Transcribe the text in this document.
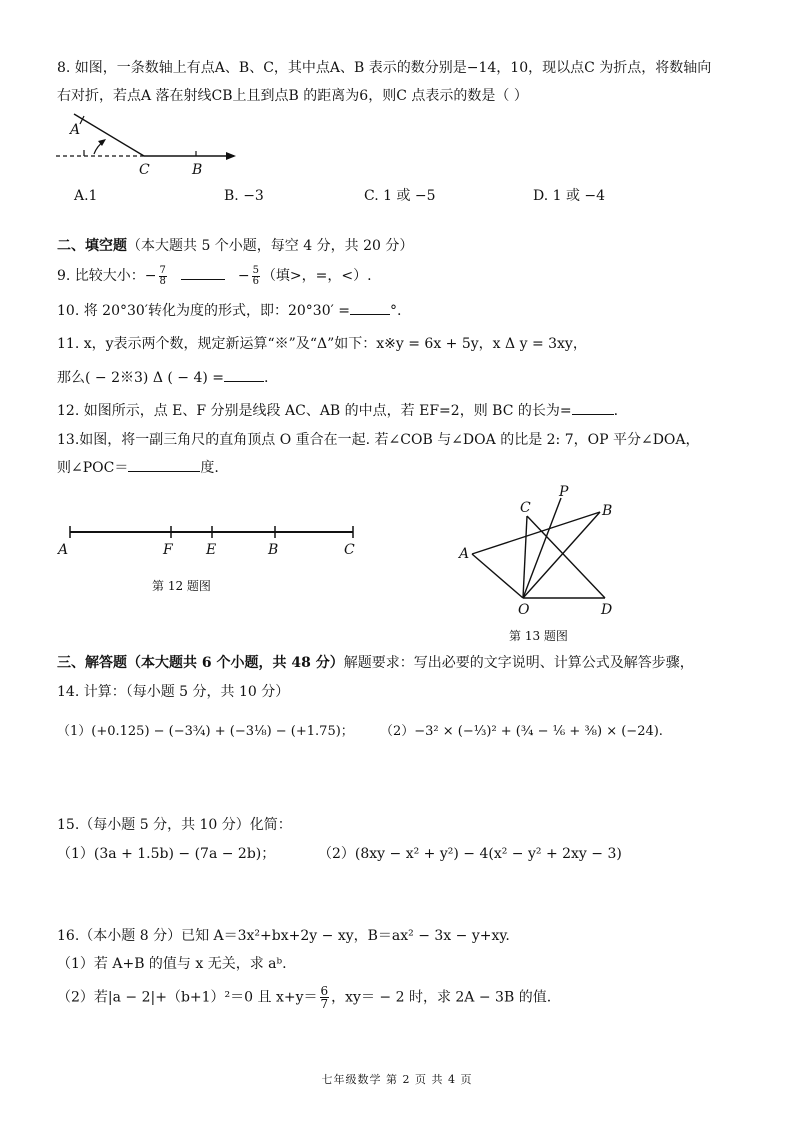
8. 如图，一条数轴上有点A、B、C，其中点A、B 表示的数分别是−14，10，现以点C 为折点，将数轴向
右对折，若点A 落在射线CB上且到点B 的距离为6，则C 点表示的数是（ ）
A
C	B
A.1	B. −3	C. 1 或 −5	D. 1 或 −4
二、填空题（本大题共 5 个小题，每空 4 分，共 20 分）
9. 比较大小：− $\frac{7}{8}$	− $\frac{5}{6}$ （填>，=，<）.
10. 将 20°30′转化为度的形式，即：20°30′ =	°.
11. x，y表示两个数，规定新运算“※”及“Δ”如下：x※y = 6x + 5y，x Δ y = 3xy，
那么( − 2※3) Δ ( − 4) =	.
12. 如图所示，点 E、F 分别是线段 AC、AB 的中点，若 EF=2，则 BC 的长为=	.
13.如图，将一副三角尺的直角顶点 O 重合在一起. 若∠COB 与∠DOA 的比是 2: 7，OP 平分∠DOA，
则∠POC＝	度.
A	F E	B	C
第 12 题图
P
C	B
A
O	D
第 13 题图
三、解答题（本大题共 6 个小题，共 48 分）解题要求：写出必要的文字说明、计算公式及解答步骤，
14. 计算：（每小题 5 分，共 10 分）
（1）(+0.125) − (−3¾) + (−3⅛) − (+1.75)； （2）−3² × (−⅓)² + (¾ − ⅙ + ⅜) × (−24).
15.（每小题 5 分，共 10 分）化简：
（1）(3a + 1.5b) − (7a − 2b)；	（2）(8xy − x² + y²) − 4(x² − y² + 2xy − 3)
16.（本小题 8 分）已知 A＝3x²+bx+2y − xy，B＝ax² − 3x − y+xy.
（1）若 A+B 的值与 x 无关，求 aᵇ.
（2）若|a − 2|+（b+1）²＝0 且 $x+y= \frac{6}{7}$ ，xy＝ − 2 时，求 2A − 3B 的值.
七年级数学 第 2 页 共 4 页
